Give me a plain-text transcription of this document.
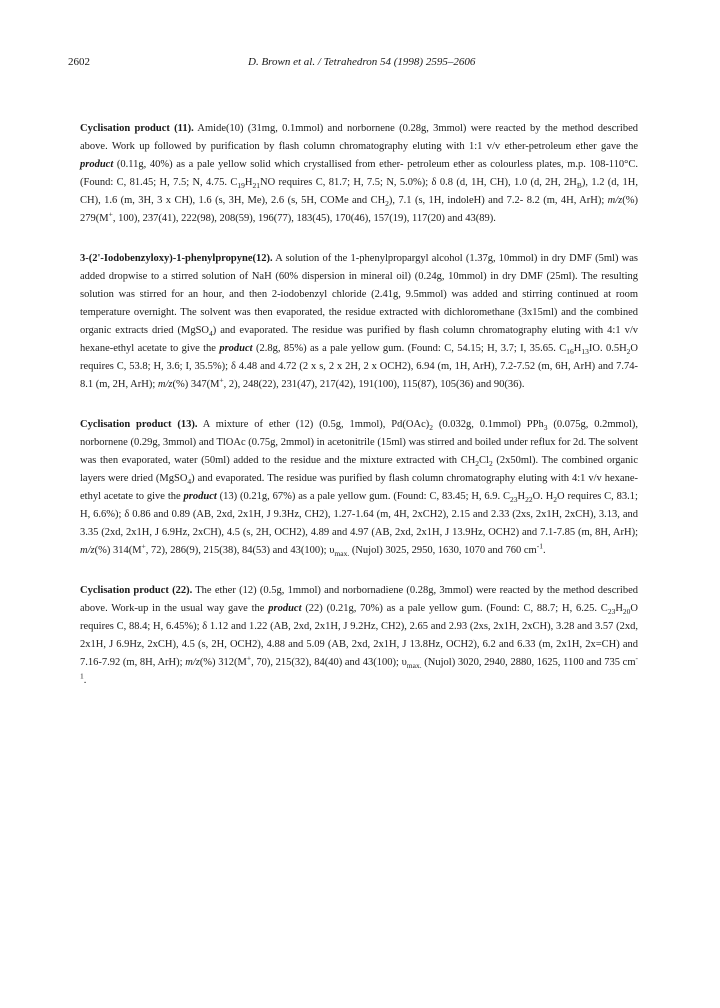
2602	D. Brown et al. / Tetrahedron 54 (1998) 2595–2606

Cyclisation product (11). Amide(10) (31mg, 0.1mmol) and norbornene (0.28g, 3mmol) were reacted by the method described above. Work up followed by purification by flash column chromatography eluting with 1:1 v/v ether-petroleum ether gave the product (0.11g, 40%) as a pale yellow solid which crystallised from ether- petroleum ether as colourless plates, m.p. 108-110°C. (Found: C, 81.45; H, 7.5; N, 4.75. $C_{19}H_{21}NO$ requires C, 81.7; H, 7.5; N, 5.0%); δ 0.8 (d, 1H, CH), 1.0 (d, 2H, $2H_B$), 1.2 (d, 1H, CH), 1.6 (m, 3H, 3 x CH), 1.6 (s, 3H, Me), 2.6 (s, 5H, COMe and $CH_2$), 7.1 (s, 1H, indoleH) and 7.2- 8.2 (m, 4H, ArH); m/z(%) 279(M+, 100), 237(41), 222(98), 208(59), 196(77), 183(45), 170(46), 157(19), 117(20) and 43(89).

3-(2'-Iodobenzyloxy)-1-phenylpropyne(12). A solution of the 1-phenylpropargyl alcohol (1.37g, 10mmol) in dry DMF (5ml) was added dropwise to a stirred solution of NaH (60% dispersion in mineral oil) (0.24g, 10mmol) in dry DMF (25ml). The resulting solution was stirred for an hour, and then 2-iodobenzyl chloride (2.41g, 9.5mmol) was added and stirring continued at room temperature overnight. The solvent was then evaporated, the residue extracted with dichloromethane (3x15ml) and the combined organic extracts dried (MgSO$_4$) and evaporated. The residue was purified by flash column chromatography eluting with 4:1 v/v hexane-ethyl acetate to give the product (2.8g, 85%) as a pale yellow gum. (Found: C, 54.15; H, 3.7; I, 35.65. $C_{16}H_{13}IO$. $0.5H_2O$ requires C, 53.8; H, 3.6; I, 35.5%); δ 4.48 and 4.72 (2 x s, 2 x 2H, 2 x OCH2), 6.94 (m, 1H, ArH), 7.2-7.52 (m, 6H, ArH) and 7.74-8.1 (m, 2H, ArH); m/z(%) 347(M+, 2), 248(22), 231(47), 217(42), 191(100), 115(87), 105(36) and 90(36).

Cyclisation product (13). A mixture of ether (12) (0.5g, 1mmol), $Pd(OAc)_2$ (0.032g, 0.1mmol) PPh$_3$ (0.075g, 0.2mmol), norbornene (0.29g, 3mmol) and TlOAc (0.75g, 2mmol) in acetonitrile (15ml) was stirred and boiled under reflux for 2d. The solvent was then evaporated, water (50ml) added to the residue and the mixture extracted with $CH_2Cl_2$ (2x50ml). The combined organic layers were dried (MgSO$_4$) and evaporated. The residue was purified by flash column chromatography eluting with 4:1 v/v hexane-ethyl acetate to give the product (13) (0.21g, 67%) as a pale yellow gum. (Found: C, 83.45; H, 6.9. $C_{23}H_{22}O$. $H_2O$ requires C, 83.1; H, 6.6%); δ 0.86 and 0.89 (AB, 2xd, 2x1H, J 9.3Hz, CH2), 1.27-1.64 (m, 4H, 2xCH2), 2.15 and 2.33 (2xs, 2x1H, 2xCH), 3.13, and 3.35 (2xd, 2x1H, J 6.9Hz, 2xCH), 4.5 (s, 2H, OCH2), 4.89 and 4.97 (AB, 2xd, 2x1H, J 13.9Hz, OCH2) and 7.1-7.85 (m, 8H, ArH); m/z(%) 314(M+, 72), 286(9), 215(38), 84(53) and 43(100); $\upsilon_{max.}$ (Nujol) 3025, 2950, 1630, 1070 and 760 $cm^{-1}$.

Cyclisation product (22). The ether (12) (0.5g, 1mmol) and norbornadiene (0.28g, 3mmol) were reacted by the method described above. Work-up in the usual way gave the product (22) (0.21g, 70%) as a pale yellow gum. (Found: C, 88.7; H, 6.25. $C_{23}H_{20}O$ requires C, 88.4; H, 6.45%); δ 1.12 and 1.22 (AB, 2xd, 2x1H, J 9.2Hz, CH2), 2.65 and 2.93 (2xs, 2x1H, 2xCH), 3.28 and 3.57 (2xd, 2x1H, J 6.9Hz, 2xCH), 4.5 (s, 2H, OCH2), 4.88 and 5.09 (AB, 2xd, 2x1H, J 13.8Hz, OCH2), 6.2 and 6.33 (m, 2x1H, 2x=CH) and 7.16-7.92 (m, 8H, ArH); m/z(%) 312(M+, 70), 215(32), 84(40) and 43(100); $\upsilon_{max.}$ (Nujol) 3020, 2940, 2880, 1625, 1100 and 735 $cm^{-1}$.
